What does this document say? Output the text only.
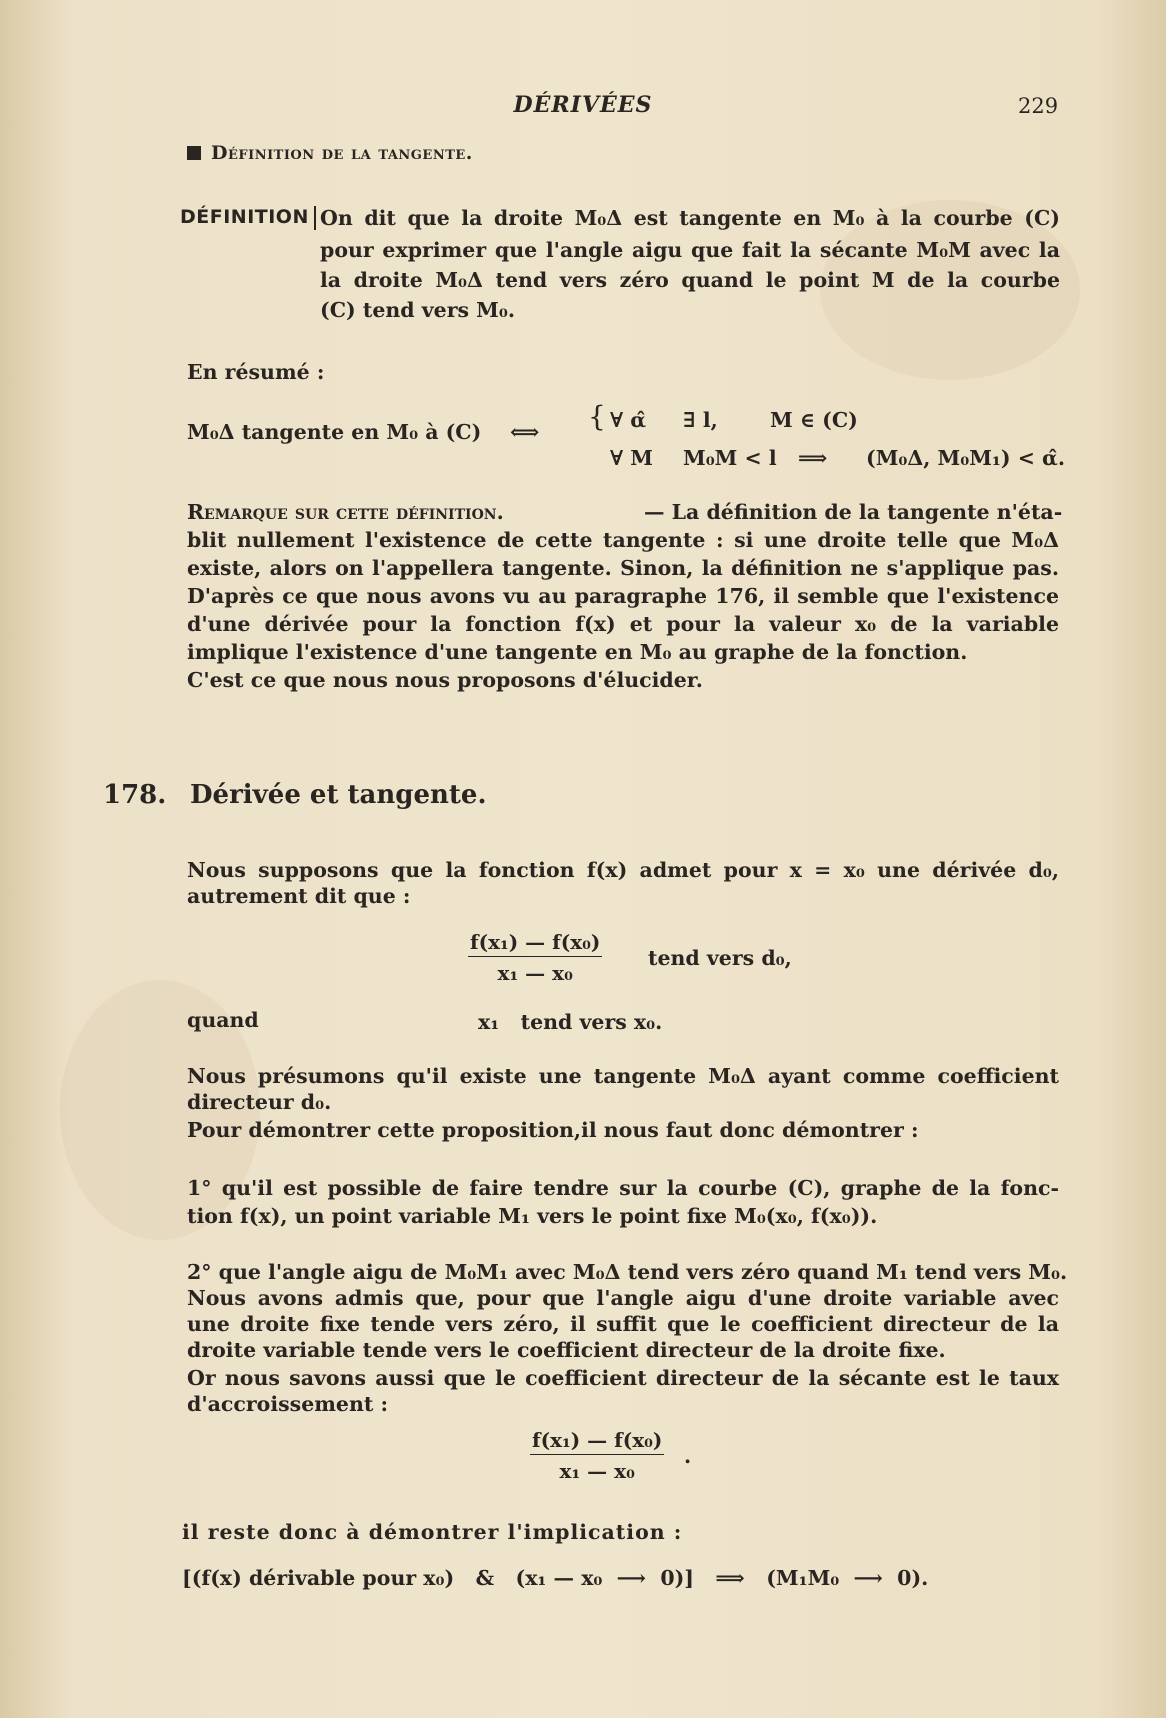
DÉRIVÉES	229
Définition de la tangente.
DÉFINITION On dit que la droite M₀Δ est tangente en M₀ à la courbe (C)
pour exprimer que l'angle aigu que fait la sécante M₀M avec la
la droite M₀Δ tend vers zéro quand le point M de la courbe
(C) tend vers M₀.
En résumé :
M₀Δ tangente en M₀ à (C) ⟺ { ∀ α̂ ∃ l,	M ∈ (C)
∀ M M₀M < l ⟹ (M₀Δ, M₀M₁) < α̂.
Remarque sur cette définition.	— La définition de la tangente n'éta-
blit nullement l'existence de cette tangente : si une droite telle que M₀Δ
existe, alors on l'appellera tangente. Sinon, la définition ne s'applique pas.
D'après ce que nous avons vu au paragraphe 176, il semble que l'existence
d'une dérivée pour la fonction f(x) et pour la valeur x₀ de la variable
implique l'existence d'une tangente en M₀ au graphe de la fonction.
C'est ce que nous nous proposons d'élucider.
178. Dérivée et tangente.
Nous supposons que la fonction f(x) admet pour x = x₀ une dérivée d₀,
autrement dit que :
$\frac{\text{f(x₁) — f(x₀)}}{\text{x₁ — x₀}}$ tend vers d₀,
quand	x₁   tend vers x₀.
Nous présumons qu'il existe une tangente M₀Δ ayant comme coefficient
directeur d₀.
Pour démontrer cette proposition,il nous faut donc démontrer :
1° qu'il est possible de faire tendre sur la courbe (C), graphe de la fonc-
tion f(x), un point variable M₁ vers le point fixe M₀(x₀, f(x₀)).
2° que l'angle aigu de M₀M₁ avec M₀Δ tend vers zéro quand M₁ tend vers M₀.
Nous avons admis que, pour que l'angle aigu d'une droite variable avec
une droite fixe tende vers zéro, il suffit que le coefficient directeur de la
droite variable tende vers le coefficient directeur de la droite fixe.
Or nous savons aussi que le coefficient directeur de la sécante est le taux
d'accroissement :
$\frac{\text{f(x₁) — f(x₀)}}{\text{x₁ — x₀}}$ .
il reste donc à démontrer l'implication :
[(f(x) dérivable pour x₀)   &   (x₁ — x₀  ⟶  0)]   ⟹   (M₁M₀  ⟶  0).
